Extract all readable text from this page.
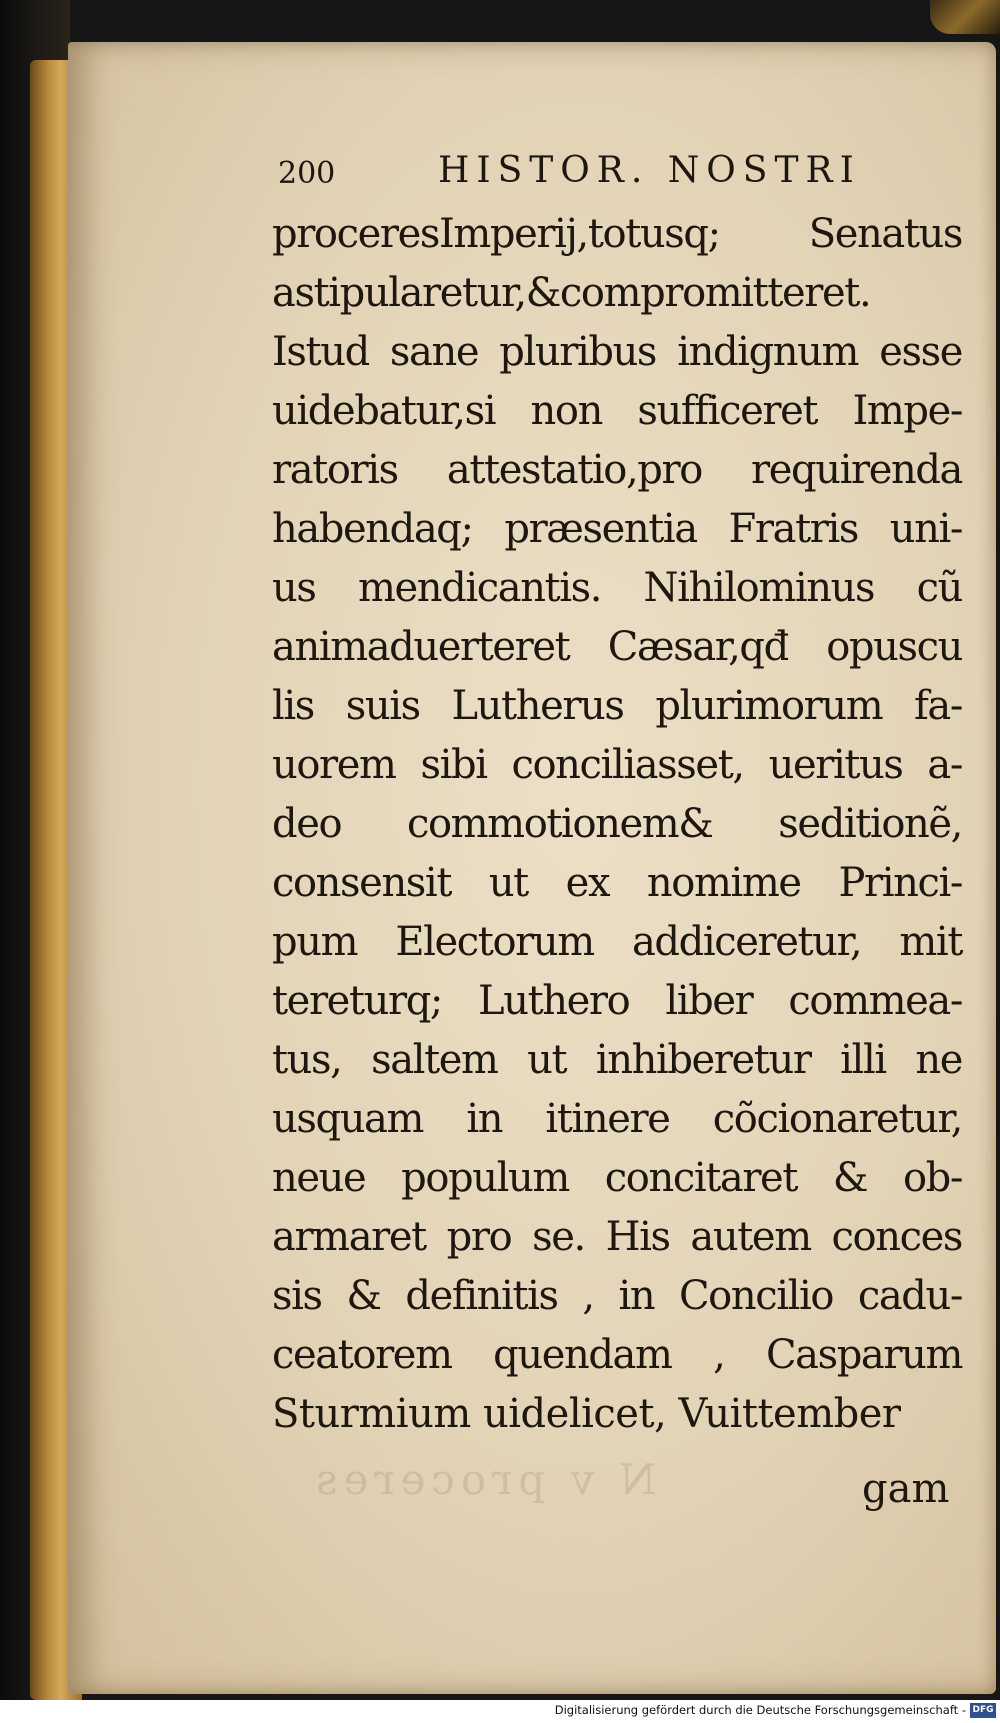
200	HISTOR. NOSTRI
proceresImperij,totusq; Senatus
astipularetur,&compromitteret.
Istud sane pluribus indignum esse
uidebatur,si non sufficeret Impe-
ratoris attestatio,pro requirenda
habendaq; præsentia Fratris uni-
us mendicantis. Nihilominus cũ
animaduerteret Cæsar,qđ opuscu
lis suis Lutherus plurimorum fa-
uorem sibi conciliasset, ueritus a-
deo commotionem& seditionẽ,
consensit ut ex nomime Princi-
pum Electorum addiceretur, mit
tereturq; Luthero liber commea-
tus, saltem ut inhiberetur illi ne
usquam in itinere cõcionaretur,
neue populum concitaret & ob-
armaret pro se. His autem conces
sis & definitis , in Concilio cadu-
ceatorem quendam , Casparum
Sturmium uidelicet, Vuittember
N v proceres	gam
Digitalisierung gefördert durch die Deutsche Forschungsgemeinschaft - DFG
